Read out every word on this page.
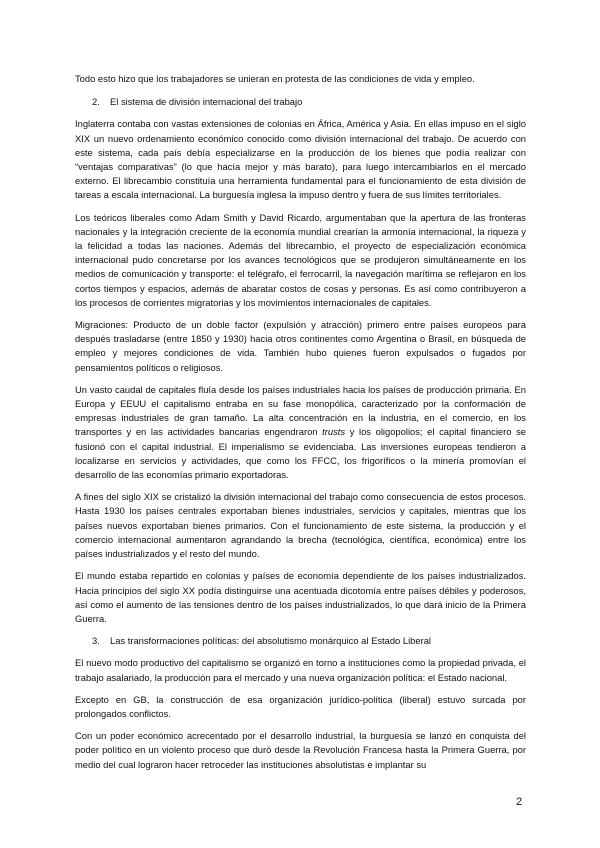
Todo esto hizo que los trabajadores se unieran en protesta de las condiciones de vida y empleo.

2. El sistema de división internacional del trabajo

Inglaterra contaba con vastas extensiones de colonias en África, América y Asia. En ellas impuso en el siglo XIX un nuevo ordenamiento económico conocido como división internacional del trabajo. De acuerdo con este sistema, cada país debía especializarse en la producción de los bienes que podía realizar con “ventajas comparativas” (lo que hacía mejor y más barato), para luego intercambiarlos en el mercado externo. El librecambio constituía una herramienta fundamental para el funcionamiento de esta división de tareas a escala internacional. La burguesía inglesa la impuso dentro y fuera de sus límites territoriales.

Los teóricos liberales como Adam Smith y David Ricardo, argumentaban que la apertura de las fronteras nacionales y la integración creciente de la economía mundial crearían la armonía internacional, la riqueza y la felicidad a todas las naciones. Además del librecambio, el proyecto de especialización económica internacional pudo concretarse por los avances tecnológicos que se produjeron simultáneamente en los medios de comunicación y transporte: el telégrafo, el ferrocarril, la navegación marítima se reflejaron en los cortos tiempos y espacios, además de abaratar costos de cosas y personas. Es así como contribuyeron a los procesos de corrientes migratorias y los movimientos internacionales de capitales.

Migraciones: Producto de un doble factor (expulsión y atracción) primero entre países europeos para después trasladarse (entre 1850 y 1930) hacia otros continentes como Argentina o Brasil, en búsqueda de empleo y mejores condiciones de vida. También hubo quienes fueron expulsados o fugados por pensamientos políticos o religiosos.

Un vasto caudal de capitales fluía desde los países industriales hacia los países de producción primaria. En Europa y EEUU el capitalismo entraba en su fase monopólica, caracterizado por la conformación de empresas industriales de gran tamaño. La alta concentración en la industria, en el comercio, en los transportes y en las actividades bancarias engendraron trusts y los oligopolios; el capital financiero se fusionó con el capital industrial. El imperialismo se evidenciaba. Las inversiones europeas tendieron a localizarse en servicios y actividades, que como los FFCC, los frigoríficos o la minería promovían el desarrollo de las economías primario exportadoras.

A fines del siglo XIX se cristalizó la división internacional del trabajo como consecuencia de estos procesos. Hasta 1930 los países centrales exportaban bienes industriales, servicios y capitales, mientras que los países nuevos exportaban bienes primarios. Con el funcionamiento de este sistema, la producción y el comercio internacional aumentaron agrandando la brecha (tecnológica, científica, económica) entre los países industrializados y el resto del mundo.

El mundo estaba repartido en colonias y países de economía dependiente de los países industrializados. Hacia principios del siglo XX podía distinguirse una acentuada dicotomía entre países débiles y poderosos, así como el aumento de las tensiones dentro de los países industrializados, lo que dará inicio de la Primera Guerra.

3. Las transformaciones políticas: del absolutismo monárquico al Estado Liberal

El nuevo modo productivo del capitalismo se organizó en torno a instituciones como la propiedad privada, el trabajo asalariado, la producción para el mercado y una nueva organización política: el Estado nacional.

Excepto en GB, la construcción de esa organización jurídico-política (liberal) estuvo surcada por prolongados conflictos.

Con un poder económico acrecentado por el desarrollo industrial, la burguesía se lanzó en conquista del poder político en un violento proceso que duró desde la Revolución Francesa hasta la Primera Guerra, por medio del cual lograron hacer retroceder las instituciones absolutistas e implantar su

2
